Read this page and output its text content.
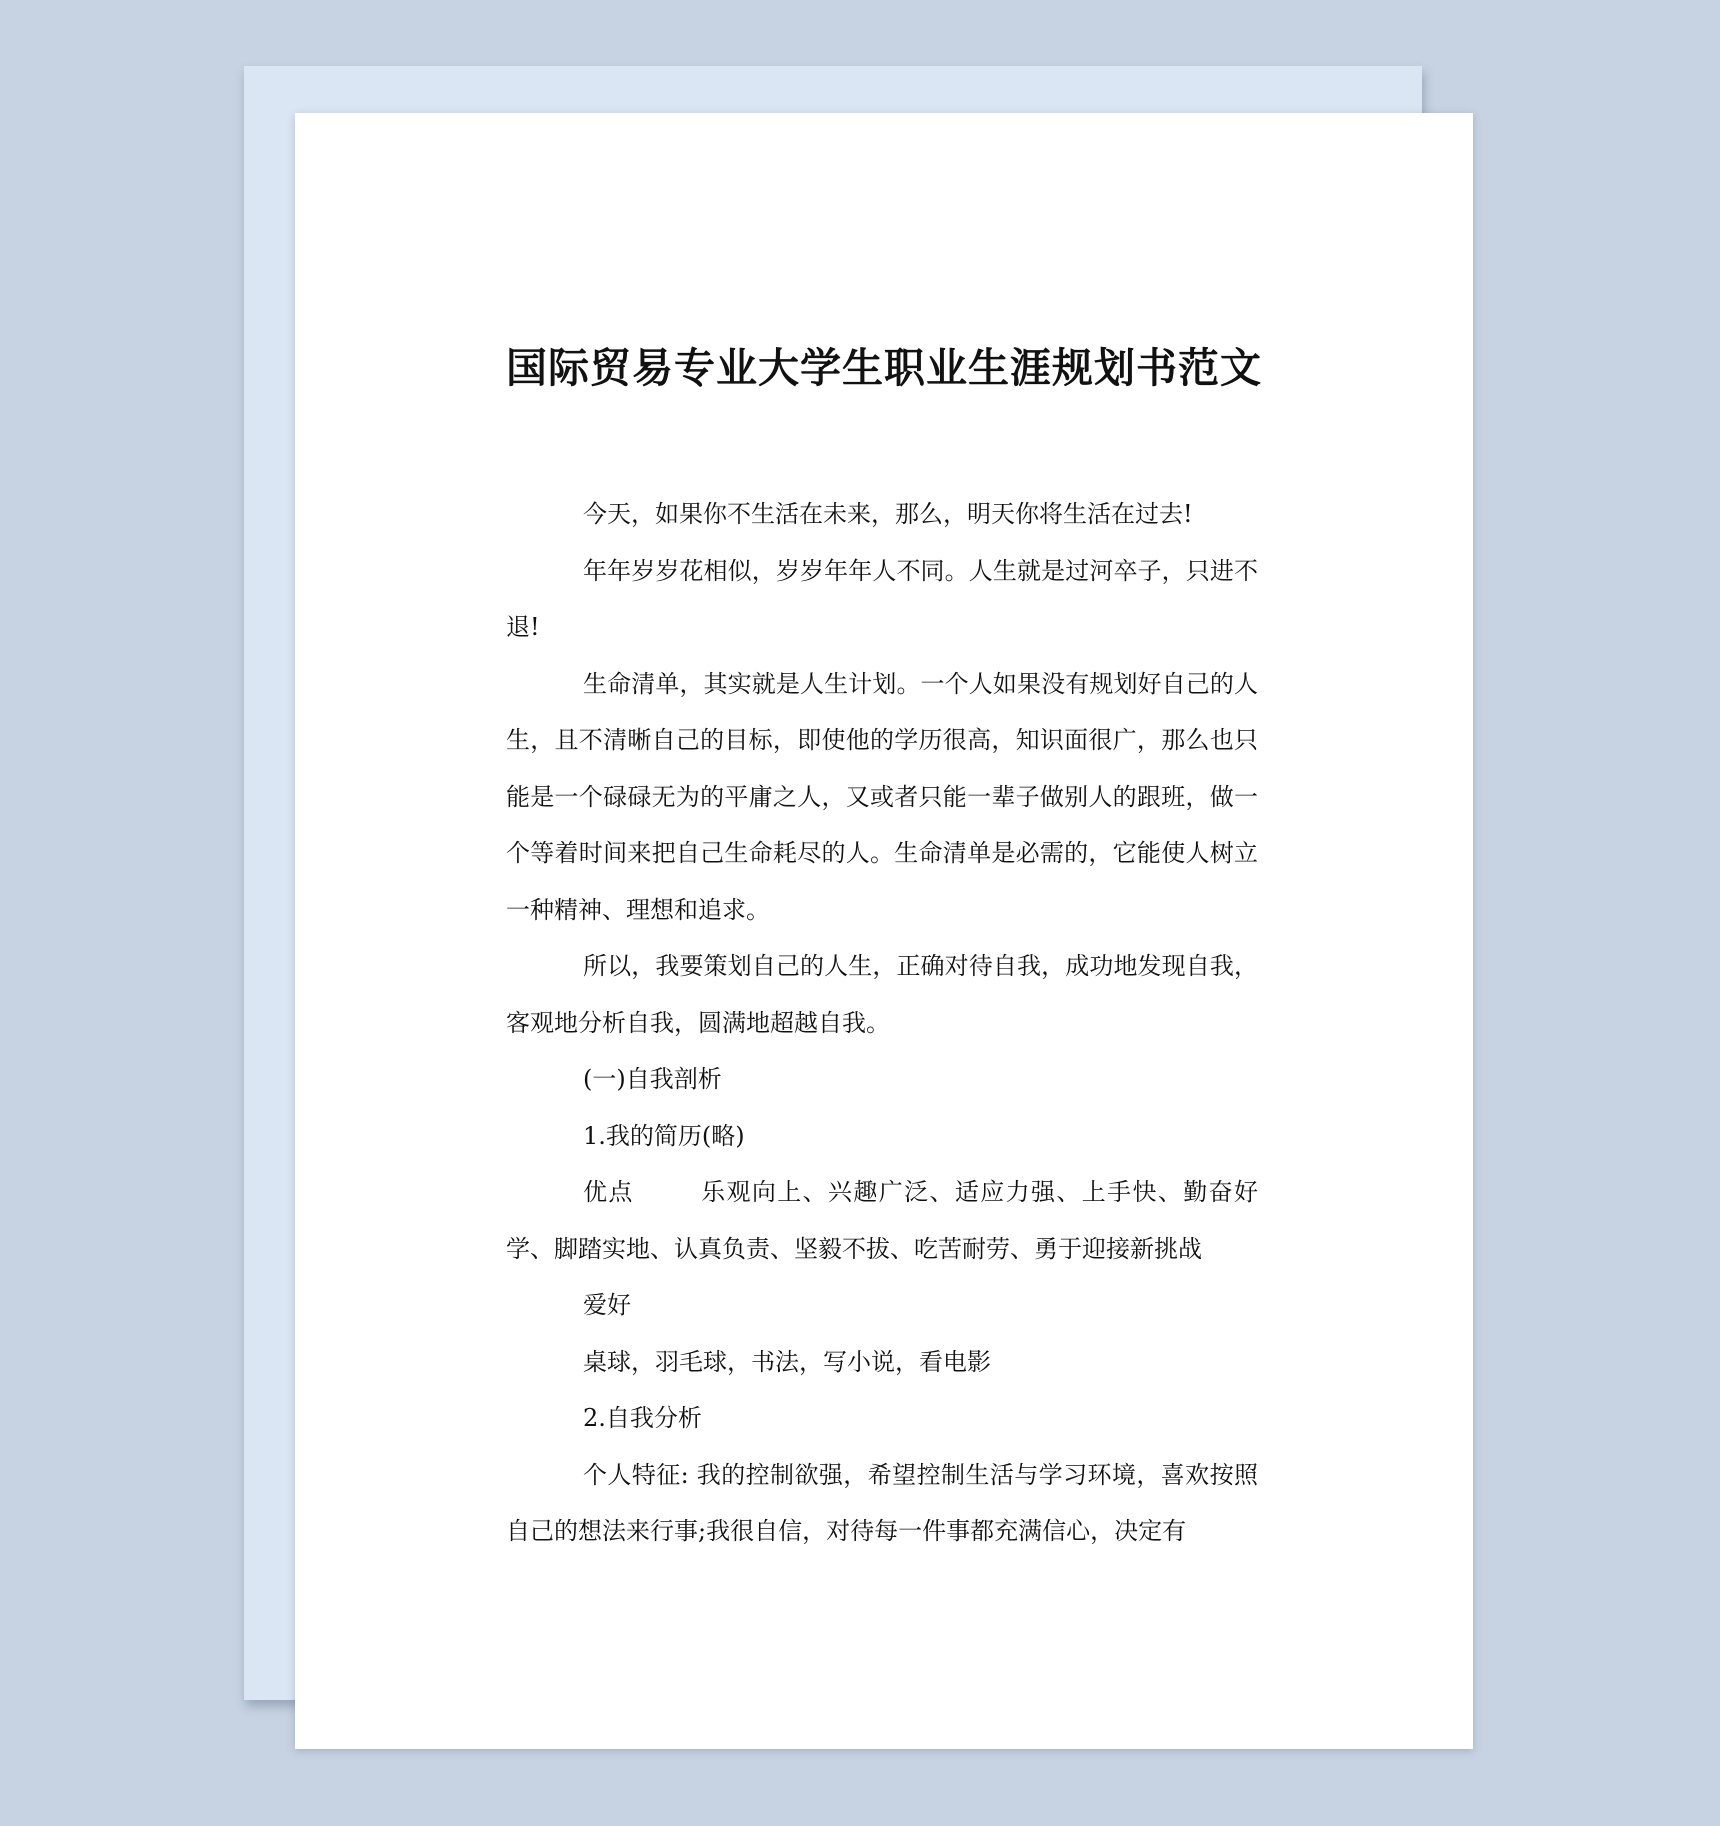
国际贸易专业大学生职业生涯规划书范文

今天，如果你不生活在未来，那么，明天你将生活在过去!

年年岁岁花相似，岁岁年年人不同。人生就是过河卒子，只进不退!

生命清单，其实就是人生计划。一个人如果没有规划好自己的人生，且不清晰自己的目标，即使他的学历很高，知识面很广，那么也只能是一个碌碌无为的平庸之人，又或者只能一辈子做别人的跟班，做一个等着时间来把自己生命耗尽的人。生命清单是必需的，它能使人树立一种精神、理想和追求。

所以，我要策划自己的人生，正确对待自我，成功地发现自我，客观地分析自我，圆满地超越自我。

(一)自我剖析

1.我的简历(略)

优点	乐观向上、兴趣广泛、适应力强、上手快、勤奋好学、脚踏实地、认真负责、坚毅不拔、吃苦耐劳、勇于迎接新挑战

爱好

桌球，羽毛球，书法，写小说，看电影

2.自我分析

个人特征: 我的控制欲强，希望控制生活与学习环境，喜欢按照自己的想法来行事;我很自信，对待每一件事都充满信心，决定有
